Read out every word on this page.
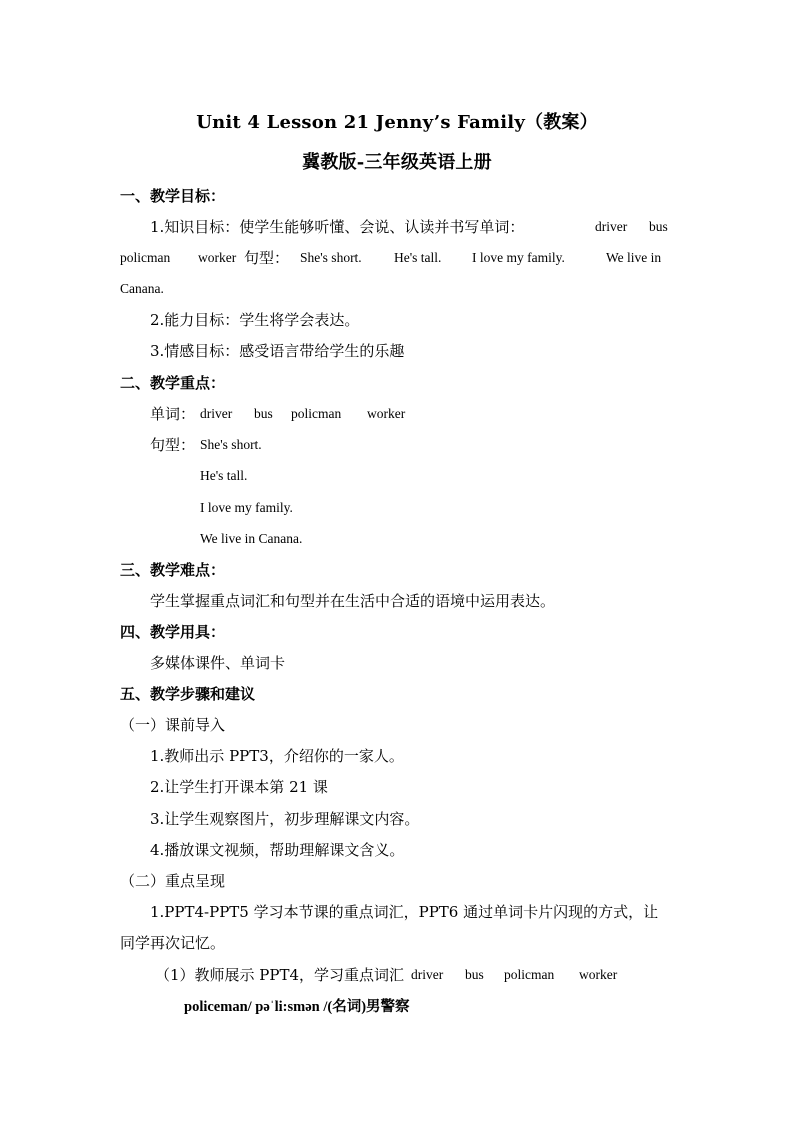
Unit 4 Lesson 21 Jenny’s Family（教案）
冀教版-三年级英语上册
一、教学目标：
1.知识目标：使学生能够听懂、会说、认读并书写单词：	driver bus
policman worker 句型： She's short. He's tall. I love my family.	We live in
Canana.
2.能力目标：学生将学会表达。
3.情感目标：感受语言带给学生的乐趣
二、教学重点：
单词： driver bus policman worker
句型： She's short.
He's tall.
I love my family.
We live in Canana.
三、教学难点：
学生掌握重点词汇和句型并在生活中合适的语境中运用表达。
四、教学用具：
多媒体课件、单词卡
五、教学步骤和建议
（一）课前导入
1.教师出示 PPT3，介绍你的一家人。
2.让学生打开课本第 21 课
3.让学生观察图片，初步理解课文内容。
4.播放课文视频，帮助理解课文含义。
（二）重点呈现
1.PPT4-PPT5 学习本节课的重点词汇，PPT6 通过单词卡片闪现的方式，让
同学再次记忆。
（1）教师展示 PPT4，学习重点词汇 driver bus policman worker
policeman/ pəˈli:smən /(名词)男警察
